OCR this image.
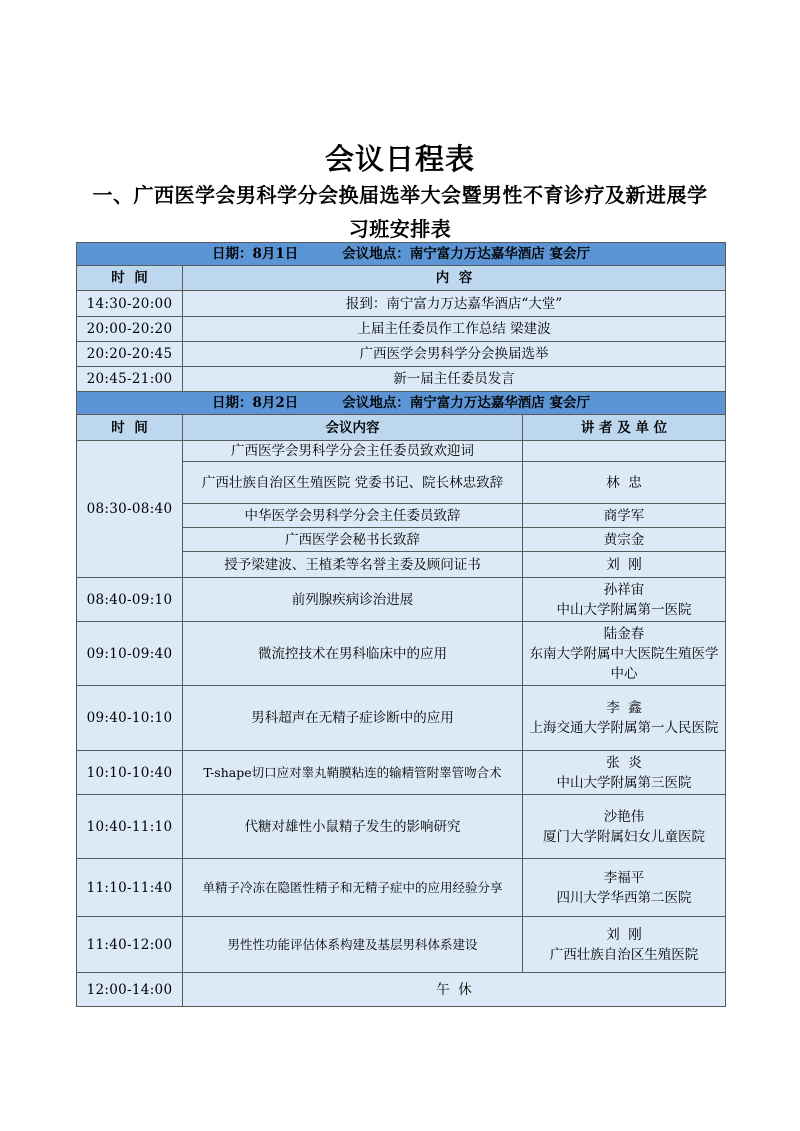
会议日程表
一、广西医学会男科学分会换届选举大会暨男性不育诊疗及新进展学习班安排表
日期：8月1日 会议地点：南宁富力万达嘉华酒店 宴会厅		
时  间	内  容	
14:30-20:00	报到：南宁富力万达嘉华酒店“大堂”	
20:00-20:20	上届主任委员作工作总结 梁建波	
20:20-20:45	广西医学会男科学分会换届选举	
20:45-21:00	新一届主任委员发言	
日期：8月2日 会议地点：南宁富力万达嘉华酒店 宴会厅		
时  间	会议内容	讲 者 及 单 位
08:30-08:40	广西医学会男科学分会主任委员致欢迎词	
	广西壮族自治区生殖医院 党委书记、院长林忠致辞	林  忠
	中华医学会男科学分会主任委员致辞	商学军
	广西医学会秘书长致辞	黄宗金
	授予梁建波、王植柔等名誉主委及顾问证书	刘  刚
08:40-09:10	前列腺疾病诊治进展	孙祥宙
中山大学附属第一医院

09:10-09:40	微流控技术在男科临床中的应用	陆金春
东南大学附属中大医院生殖医学中心

09:40-10:10	男科超声在无精子症诊断中的应用	李  鑫
上海交通大学附属第一人民医院

10:10-10:40	T-shape切口应对睾丸鞘膜粘连的输精管附睾管吻合术	张  炎
中山大学附属第三医院

10:40-11:10	代糖对雄性小鼠精子发生的影响研究	沙艳伟
厦门大学附属妇女儿童医院

11:10-11:40	单精子冷冻在隐匿性精子和无精子症中的应用经验分享	李福平
四川大学华西第二医院

11:40-12:00	男性性功能评估体系构建及基层男科体系建设	刘  刚
广西壮族自治区生殖医院

12:00-14:00	午  休	
